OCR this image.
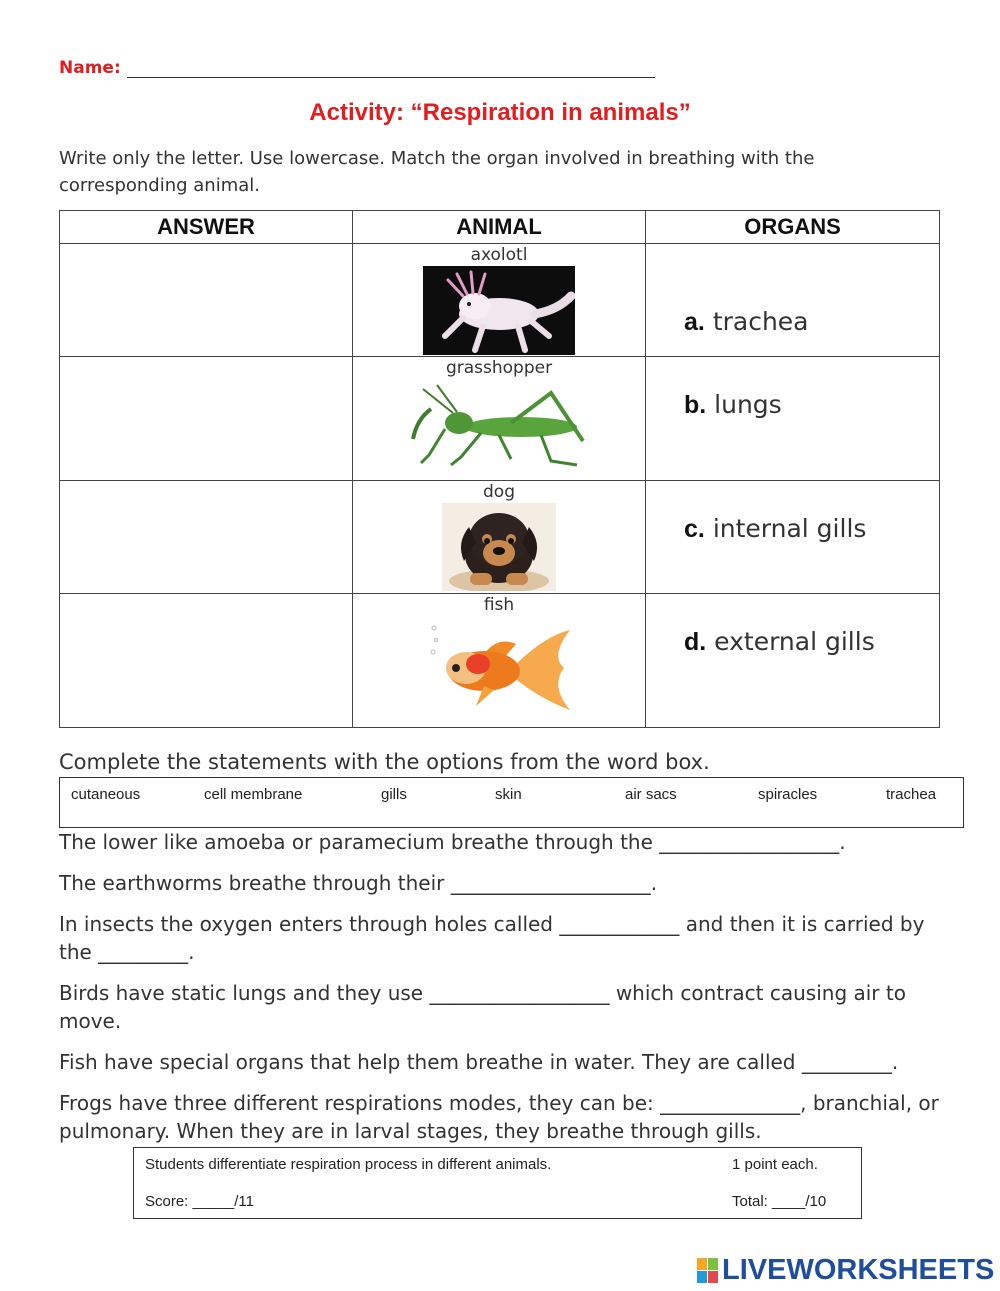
Name:
Activity: “Respiration in animals”
Write only the letter. Use lowercase. Match the organ involved in breathing with the corresponding animal.
ANSWER	ANIMAL	ORGANS

	axolotl	a. trachea

	grasshopper	b. lungs

	dog	c. internal gills

	fish	d. external gills
Complete the statements with the options from the word box.
cutaneous	cell membrane	gills	skin	air sacs	spiracles	trachea
The lower like amoeba or paramecium breathe through the __________________.
The earthworms breathe through their ____________________.
In insects the oxygen enters through holes called ____________ and then it is carried by the _________.
Birds have static lungs and they use __________________ which contract causing air to move.
Fish have special organs that help them breathe in water. They are called _________.
Frogs have three different respirations modes, they can be: ______________, branchial, or pulmonary. When they are in larval stages, they breathe through gills.
Students differentiate respiration process in different animals.	1 point each.
Score: _____/11	Total: ____/10
LIVEWORKSHEETS
